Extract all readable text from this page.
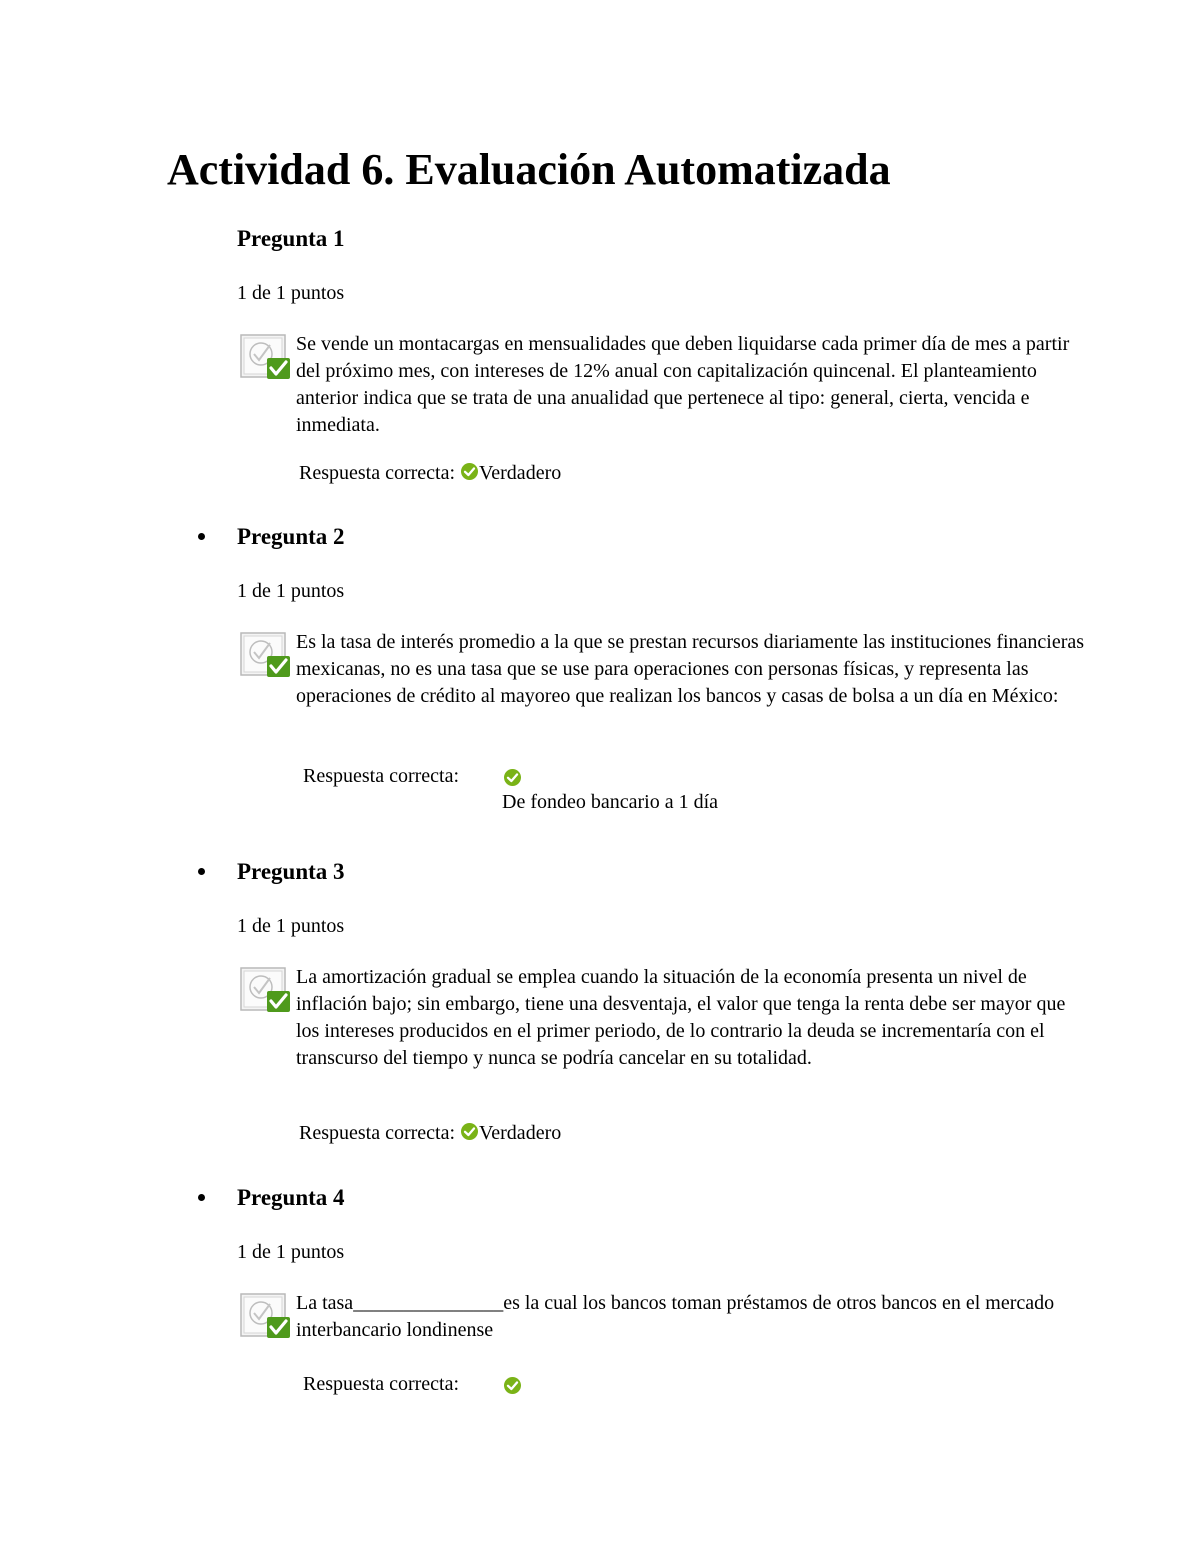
Actividad 6. Evaluación Automatizada
Pregunta 1
1 de 1 puntos

Se vende un montacargas en mensualidades que deben liquidarse cada primer día de mes a partir del próximo mes, con intereses de 12% anual con capitalización quincenal. El planteamiento anterior indica que se trata de una anualidad que pertenece al tipo: general, cierta, vencida e inmediata.

Respuesta correcta: Verdadero
Pregunta 2
1 de 1 puntos

Es la tasa de interés promedio a la que se prestan recursos diariamente las instituciones financieras mexicanas, no es una tasa que se use para operaciones con personas físicas, y representa las operaciones de crédito al mayoreo que realizan los bancos y casas de bolsa a un día en México:

Respuesta correcta:
De fondeo bancario a 1 día
Pregunta 3
1 de 1 puntos

La amortización gradual se emplea cuando la situación de la economía presenta un nivel de inflación bajo; sin embargo, tiene una desventaja, el valor que tenga la renta debe ser mayor que los intereses producidos en el primer periodo, de lo contrario la deuda se incrementaría con el transcurso del tiempo y nunca se podría cancelar en su totalidad.

Respuesta correcta: Verdadero
Pregunta 4
1 de 1 puntos

La tasa_______________es la cual los bancos toman préstamos de otros bancos en el mercado interbancario londinense

Respuesta correcta:
